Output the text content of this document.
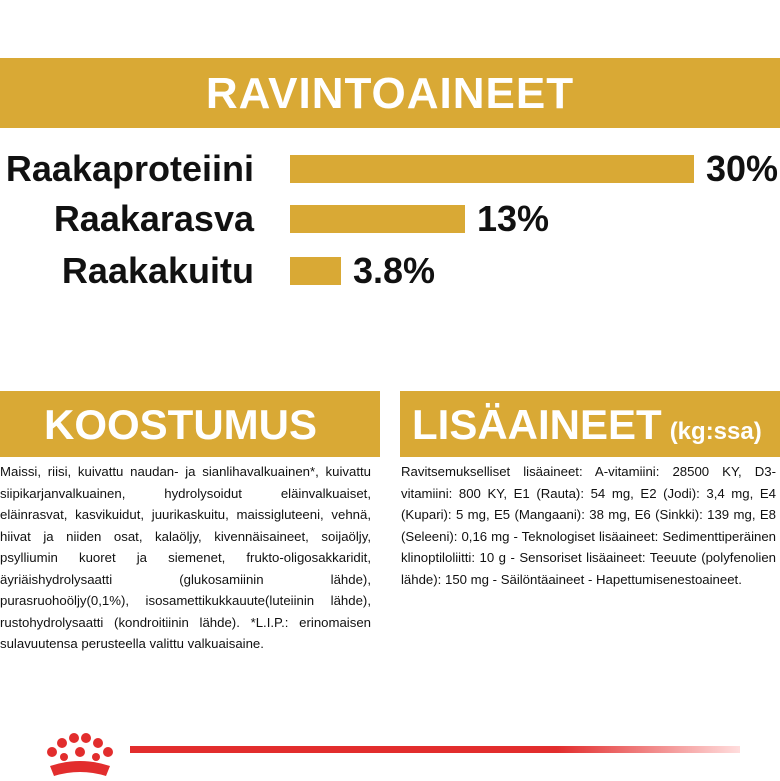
RAVINTOAINEET
Raakaproteiini	30%
Raakarasva	13%
Raakakuitu	3.8%
KOOSTUMUS
Maissi, riisi, kuivattu naudan- ja sianlihavalkuainen*, kuivattu siipikarjanvalkuainen, hydrolysoidut eläinvalkuaiset, eläinrasvat, kasvikuidut, juurikaskuitu, maissigluteeni, vehnä, hiivat ja niiden osat, kalaöljy, kivennäisaineet, soijaöljy, psylliumin kuoret ja siemenet, frukto-oligosakkaridit, äyriäishydrolysaatti (glukosamiinin lähde), purasruohoöljy(0,1%), isosamettikukkauute(luteiinin lähde), rustohydrolysaatti (kondroitiinin lähde). *L.I.P.: erinomaisen sulavuutensa perusteella valittu valkuaisaine.
LISÄAINEET (kg:ssa)
Ravitsemukselliset lisäaineet: A-vitamiini: 28500 KY, D3-vitamiini: 800 KY, E1 (Rauta): 54 mg, E2 (Jodi): 3,4 mg, E4 (Kupari): 5 mg, E5 (Mangaani): 38 mg, E6 (Sinkki): 139 mg, E8 (Seleeni): 0,16 mg - Teknologiset lisäaineet: Sedimenttiperäinen klinoptiloliitti: 10 g - Sensoriset lisäaineet: Teeuute (polyfenolien lähde): 150 mg - Säilöntäaineet - Hapettumisenestoaineet.
